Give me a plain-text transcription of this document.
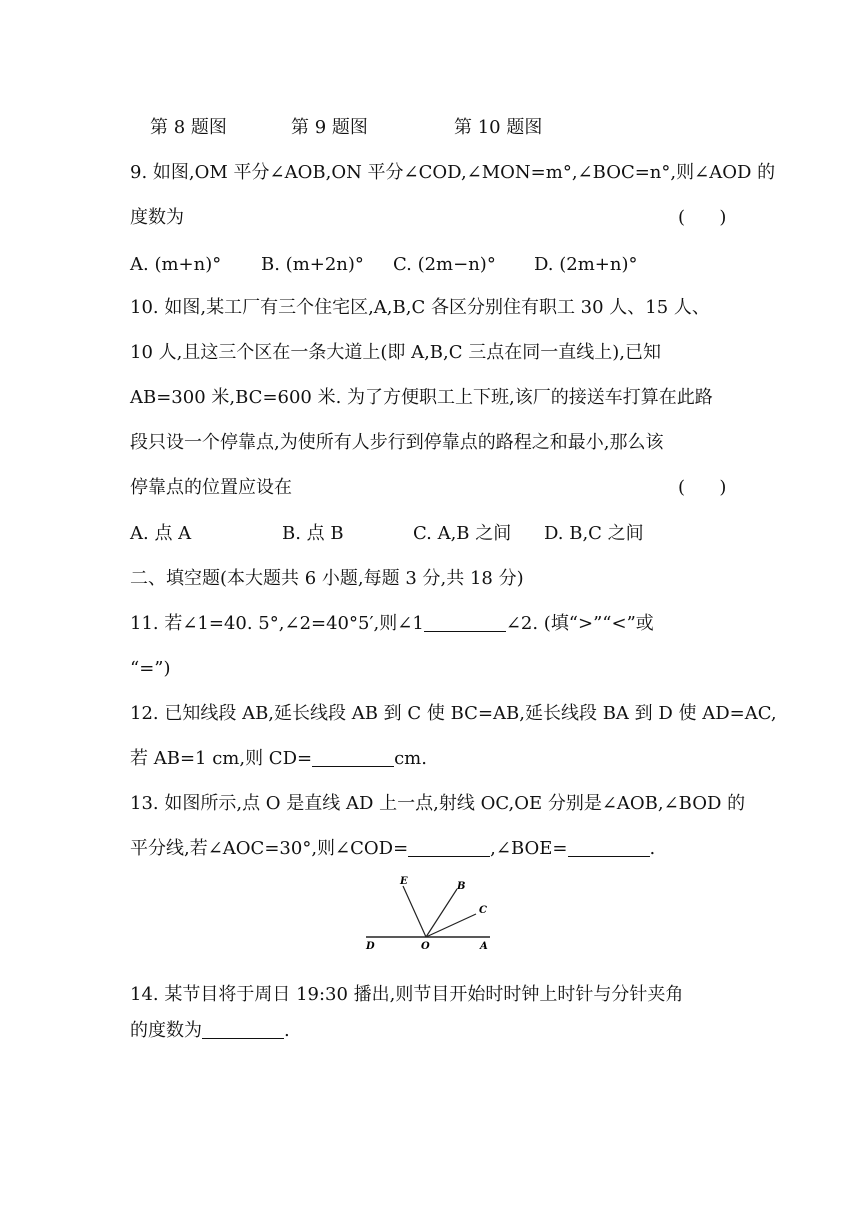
第 8 题图	第 9 题图	第 10 题图
9. 如图,OM 平分∠AOB,ON 平分∠COD,∠MON=m°,∠BOC=n°,则∠AOD 的
度数为	(      )
A. (m+n)° B. (m+2n)° C. (2m−n)° D. (2m+n)°
10. 如图,某工厂有三个住宅区,A,B,C 各区分别住有职工 30 人、15 人、
10 人,且这三个区在一条大道上(即 A,B,C 三点在同一直线上),已知
AB=300 米,BC=600 米. 为了方便职工上下班,该厂的接送车打算在此路
段只设一个停靠点,为使所有人步行到停靠点的路程之和最小,那么该
停靠点的位置应设在	(      )
A. 点 A	B. 点 B	C. A,B 之间 D. B,C 之间
二、填空题(本大题共 6 小题,每题 3 分,共 18 分)
11. 若∠1=40. 5°,∠2=40°5′,则∠1	∠2. (填“>”“<”或
“=”)
12. 已知线段 AB,延长线段 AB 到 C 使 BC=AB,延长线段 BA 到 D 使 AD=AC,
若 AB=1 cm,则 CD=	cm.
13. 如图所示,点 O 是直线 AD 上一点,射线 OC,OE 分别是∠AOB,∠BOD 的
平分线,若∠AOC=30°,则∠COD=	,∠BOE=	.
E	B
C
D	O	A
14. 某节目将于周日 19:30 播出,则节目开始时时钟上时针与分针夹角
的度数为	.
